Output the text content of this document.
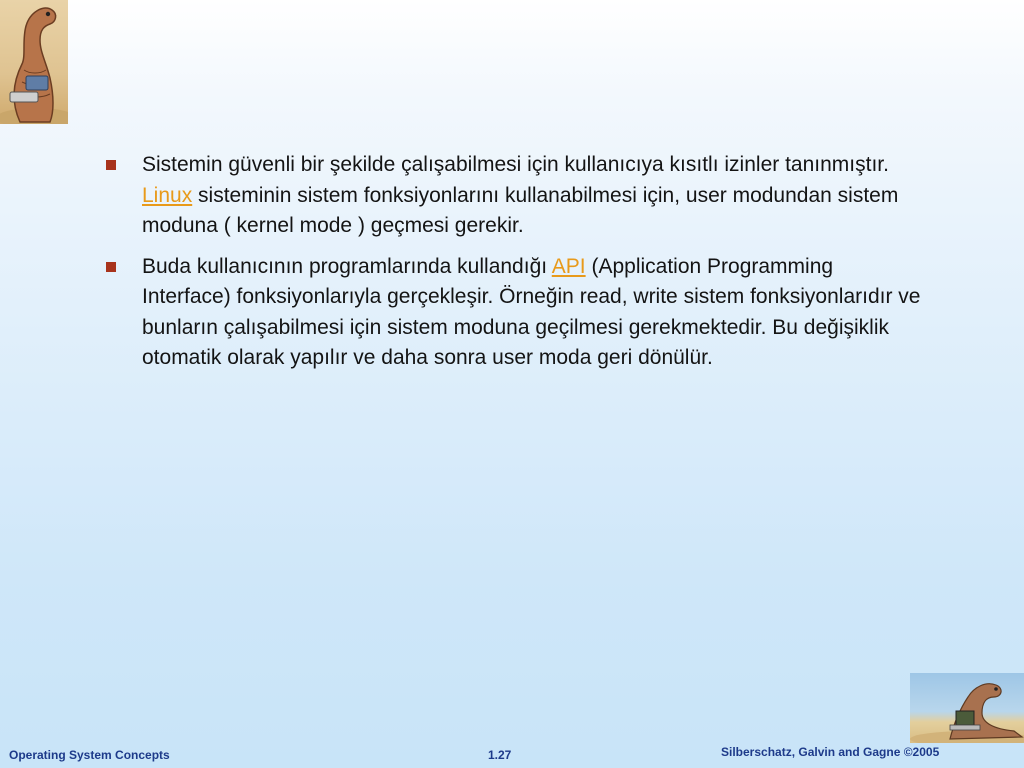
Sistemin güvenli bir şekilde çalışabilmesi için kullanıcıya kısıtlı izinler tanınmıştır. Linux sisteminin sistem fonksiyonlarını kullanabilmesi için, user modundan sistem moduna ( kernel mode ) geçmesi gerekir.
Buda kullanıcının programlarında kullandığı API (Application Programming Interface) fonksiyonlarıyla gerçekleşir. Örneğin read, write sistem fonksiyonlarıdır ve bunların çalışabilmesi için sistem moduna geçilmesi gerekmektedir. Bu değişiklik otomatik olarak yapılır ve daha sonra user moda geri dönülür.
Operating System Concepts	1.27	Silberschatz, Galvin and Gagne ©2005
